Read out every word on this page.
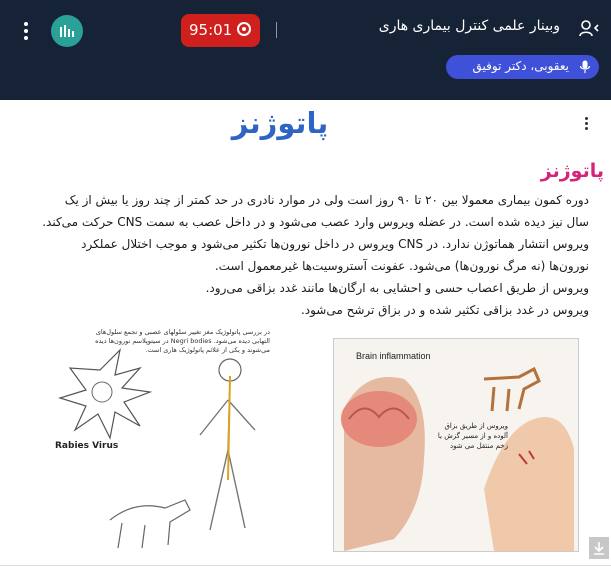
95:01	وبینار علمی کنترل بیماری هاری
یعقوبی، دکتر توفیق
پاتوژنز
پاتوژنز
دوره کمون بیماری معمولا بین ۲۰ تا ۹۰ روز است ولی در موارد نادری در حد کمتر از چند روز یا بیش از یک
سال نیز دیده شده است. در عضله ویروس وارد عصب می‌شود و در داخل عصب به سمت CNS حرکت می‌کند.
ویروس انتشار هماتوژن ندارد. در CNS ویروس در داخل نورون‌ها تکثیر می‌شود و موجب اختلال عملکرد
نورون‌ها (نه مرگ نورون‌ها) می‌شود. عفونت آستروسیت‌ها غیرمعمول است.
ویروس از طریق اعصاب حسی و احشایی به ارگان‌ها مانند غدد بزاقی می‌رود.
ویروس در غدد بزاقی تکثیر شده و در بزاق ترشح می‌شود.
در بررسی پاتولوژیک مغز تغییر سلولهای عصبی و تجمع سلول‌های التهابی دیده می‌شود. Negri bodies در سیتوپلاسم نورون‌ها دیده می‌شوند و یکی از علائم پاتولوژیک هاری است.
Rabies Virus
Brain inflammation
ویروس از طریق بزاق آلوده و از مسیر گزش یا زخم منتقل می شود
